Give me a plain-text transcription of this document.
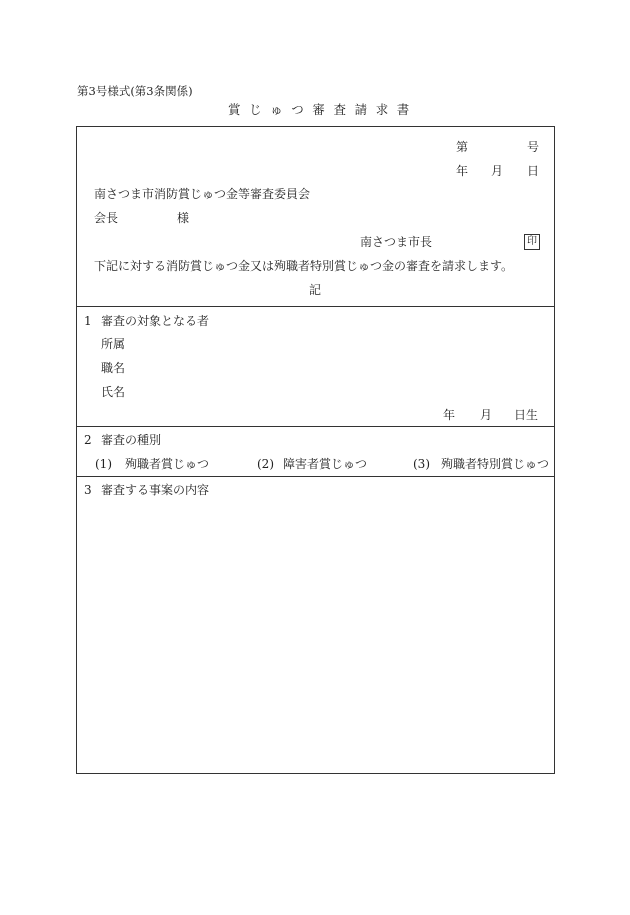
第3号様式(第3条関係)
賞じゅつ審査請求書
第	号
年 月 日
南さつま市消防賞じゅつ金等審査委員会
会長	様
南さつま市長	印
下記に対する消防賞じゅつ金又は殉職者特別賞じゅつ金の審査を請求します。
記
1 審査の対象となる者
所属
職名
氏名
年 月 日生
2 審査の種別
(1) 殉職者賞じゅつ	(2) 障害者賞じゅつ	(3) 殉職者特別賞じゅつ
3 審査する事案の内容
